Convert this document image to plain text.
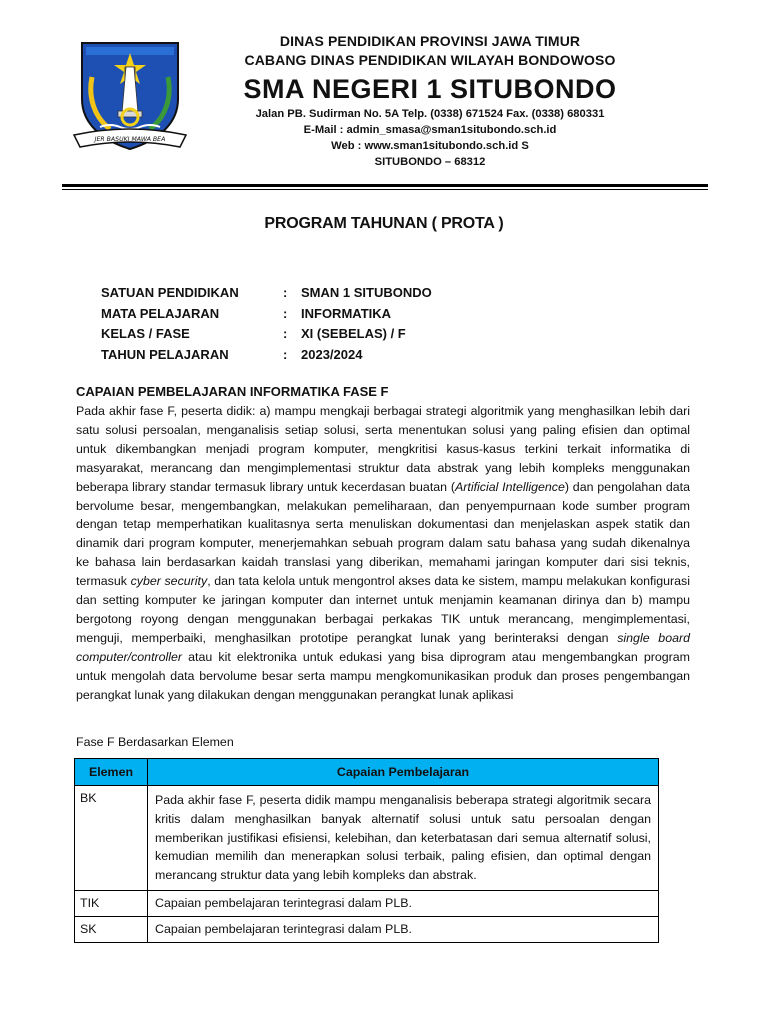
JER BASUKI MAWA BEA
DINAS PENDIDIKAN PROVINSI JAWA TIMUR
CABANG DINAS PENDIDIKAN WILAYAH BONDOWOSO
SMA NEGERI 1 SITUBONDO
Jalan PB. Sudirman No. 5A Telp. (0338) 671524 Fax. (0338) 680331
E-Mail : admin_smasa@sman1situbondo.sch.id
Web : www.sman1situbondo.sch.id S
SITUBONDO – 68312
PROGRAM TAHUNAN ( PROTA )
SATUAN PENDIDIKAN	:	SMAN 1 SITUBONDO
MATA PELAJARAN	:	INFORMATIKA
KELAS / FASE	:	XI (SEBELAS) / F
TAHUN PELAJARAN	:	2023/2024
CAPAIAN PEMBELAJARAN INFORMATIKA FASE F

Pada akhir fase F, peserta didik: a) mampu mengkaji berbagai strategi algoritmik yang menghasilkan lebih dari satu solusi persoalan, menganalisis setiap solusi, serta menentukan solusi yang paling efisien dan optimal untuk dikembangkan menjadi program komputer, mengkritisi kasus-kasus terkini terkait informatika di masyarakat, merancang dan mengimplementasi struktur data abstrak yang lebih kompleks menggunakan beberapa library standar termasuk library untuk kecerdasan buatan (Artificial Intelligence) dan pengolahan data bervolume besar, mengembangkan, melakukan pemeliharaan, dan penyempurnaan kode sumber program dengan tetap memperhatikan kualitasnya serta menuliskan dokumentasi dan menjelaskan aspek statik dan dinamik dari program komputer, menerjemahkan sebuah program dalam satu bahasa yang sudah dikenalnya ke bahasa lain berdasarkan kaidah translasi yang diberikan, memahami jaringan komputer dari sisi teknis, termasuk cyber security, dan tata kelola untuk mengontrol akses data ke sistem, mampu melakukan konfigurasi dan setting komputer ke jaringan komputer dan internet untuk menjamin keamanan dirinya dan b) mampu bergotong royong dengan menggunakan berbagai perkakas TIK untuk merancang, mengimplementasi, menguji, memperbaiki, menghasilkan prototipe perangkat lunak yang berinteraksi dengan single board computer/controller atau kit elektronika untuk edukasi yang bisa diprogram atau mengembangkan program untuk mengolah data bervolume besar serta mampu mengkomunikasikan produk dan proses pengembangan perangkat lunak yang dilakukan dengan menggunakan perangkat lunak aplikasi

Fase F Berdasarkan Elemen
Elemen	Capaian Pembelajaran
BK	Pada akhir fase F, peserta didik mampu menganalisis beberapa strategi algoritmik secara kritis dalam menghasilkan banyak alternatif solusi untuk satu persoalan dengan memberikan justifikasi efisiensi, kelebihan, dan keterbatasan dari semua alternatif solusi, kemudian memilih dan menerapkan solusi terbaik, paling efisien, dan optimal dengan merancang struktur data yang lebih kompleks dan abstrak.
TIK	Capaian pembelajaran terintegrasi dalam PLB.
SK	Capaian pembelajaran terintegrasi dalam PLB.
